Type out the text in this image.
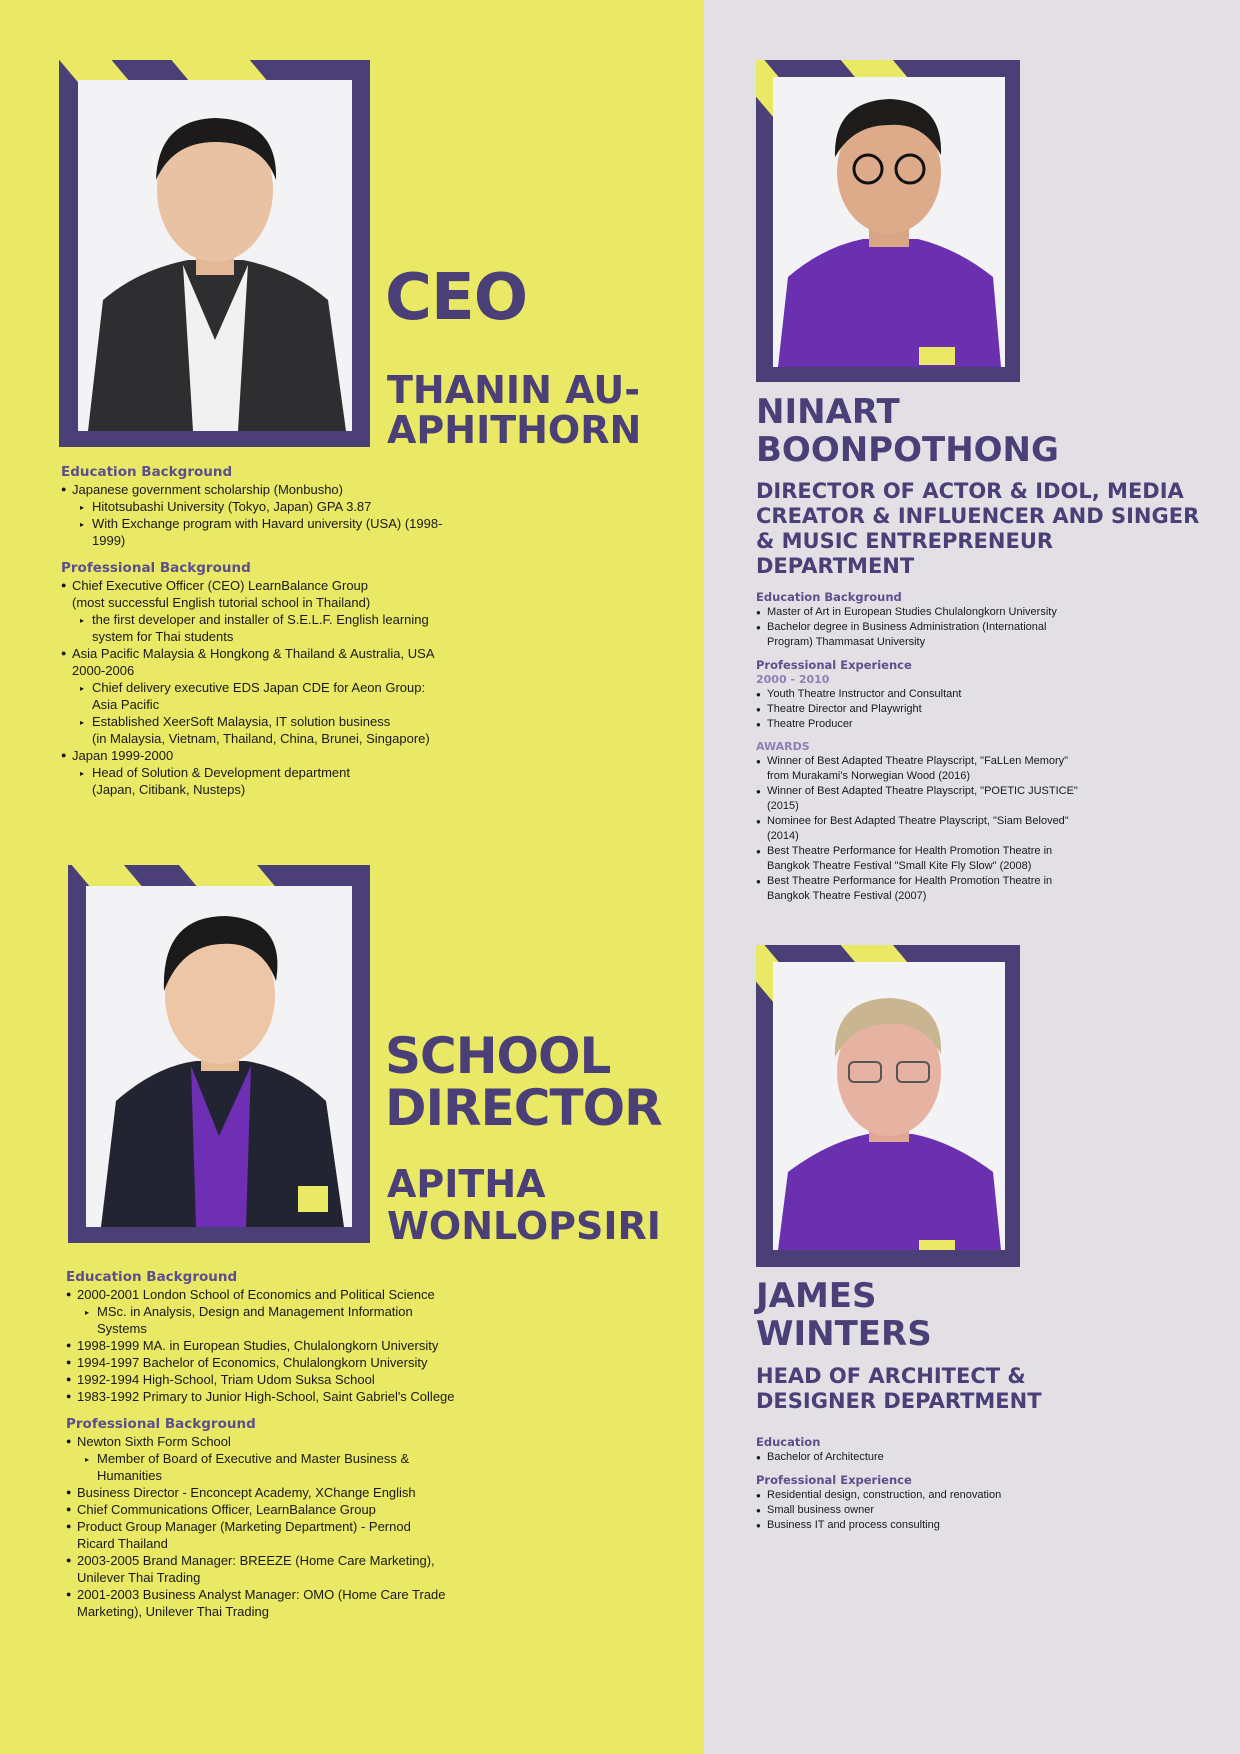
CEO
THANIN AU-
APHITHORN

Education Background

● Japanese government scholarship (Monbusho)
▸ Hitotsubashi University (Tokyo, Japan) GPA 3.87
▸ With Exchange program with Havard university (USA) (1998-
1999)

Professional Background

● Chief Executive Officer (CEO) LearnBalance Group
(most successful English tutorial school in Thailand)
▸ the first developer and installer of S.E.L.F. English learning
system for Thai students
● Asia Pacific Malaysia & Hongkong & Thailand & Australia, USA
2000-2006
▸ Chief delivery executive EDS Japan CDE for Aeon Group:
Asia Pacific
▸ Established XeerSoft Malaysia, IT solution business
(in Malaysia, Vietnam, Thailand, China, Brunei, Singapore)
● Japan 1999-2000
▸ Head of Solution & Development department
(Japan, Citibank, Nusteps)
SCHOOL
DIRECTOR
APITHA
WONLOPSIRI

Education Background

● 2000-2001 London School of Economics and Political Science
▸ MSc. in Analysis, Design and Management Information
Systems
● 1998-1999 MA. in European Studies, Chulalongkorn University
● 1994-1997 Bachelor of Economics, Chulalongkorn University
● 1992-1994 High-School, Triam Udom Suksa School
● 1983-1992 Primary to Junior High-School, Saint Gabriel's College

Professional Background

● Newton Sixth Form School
▸ Member of Board of Executive and Master Business &
Humanities
● Business Director - Enconcept Academy, XChange English
● Chief Communications Officer, LearnBalance Group
● Product Group Manager (Marketing Department) - Pernod
Ricard Thailand
● 2003-2005 Brand Manager: BREEZE (Home Care Marketing),
Unilever Thai Trading
● 2001-2003 Business Analyst Manager: OMO (Home Care Trade
Marketing), Unilever Thai Trading
NINART
BOONPOTHONG
DIRECTOR OF ACTOR & IDOL, MEDIA
CREATOR & INFLUENCER AND SINGER
& MUSIC ENTREPRENEUR
DEPARTMENT

Education Background

● Master of Art in European Studies Chulalongkorn University
● Bachelor degree in Business Administration (International
Program) Thammasat University

Professional Experience

2000 - 2010

● Youth Theatre Instructor and Consultant
● Theatre Director and Playwright
● Theatre Producer

AWARDS

● Winner of Best Adapted Theatre Playscript, "FaLLen Memory"
from Murakami's Norwegian Wood (2016)
● Winner of Best Adapted Theatre Playscript, "POETIC JUSTICE"
(2015)
● Nominee for Best Adapted Theatre Playscript, "Siam Beloved"
(2014)
● Best Theatre Performance for Health Promotion Theatre in
Bangkok Theatre Festival "Small Kite Fly Slow" (2008)
● Best Theatre Performance for Health Promotion Theatre in
Bangkok Theatre Festival (2007)
JAMES
WINTERS
HEAD OF ARCHITECT &
DESIGNER DEPARTMENT

Education

● Bachelor of Architecture

Professional Experience

● Residential design, construction, and renovation
● Small business owner
● Business IT and process consulting
